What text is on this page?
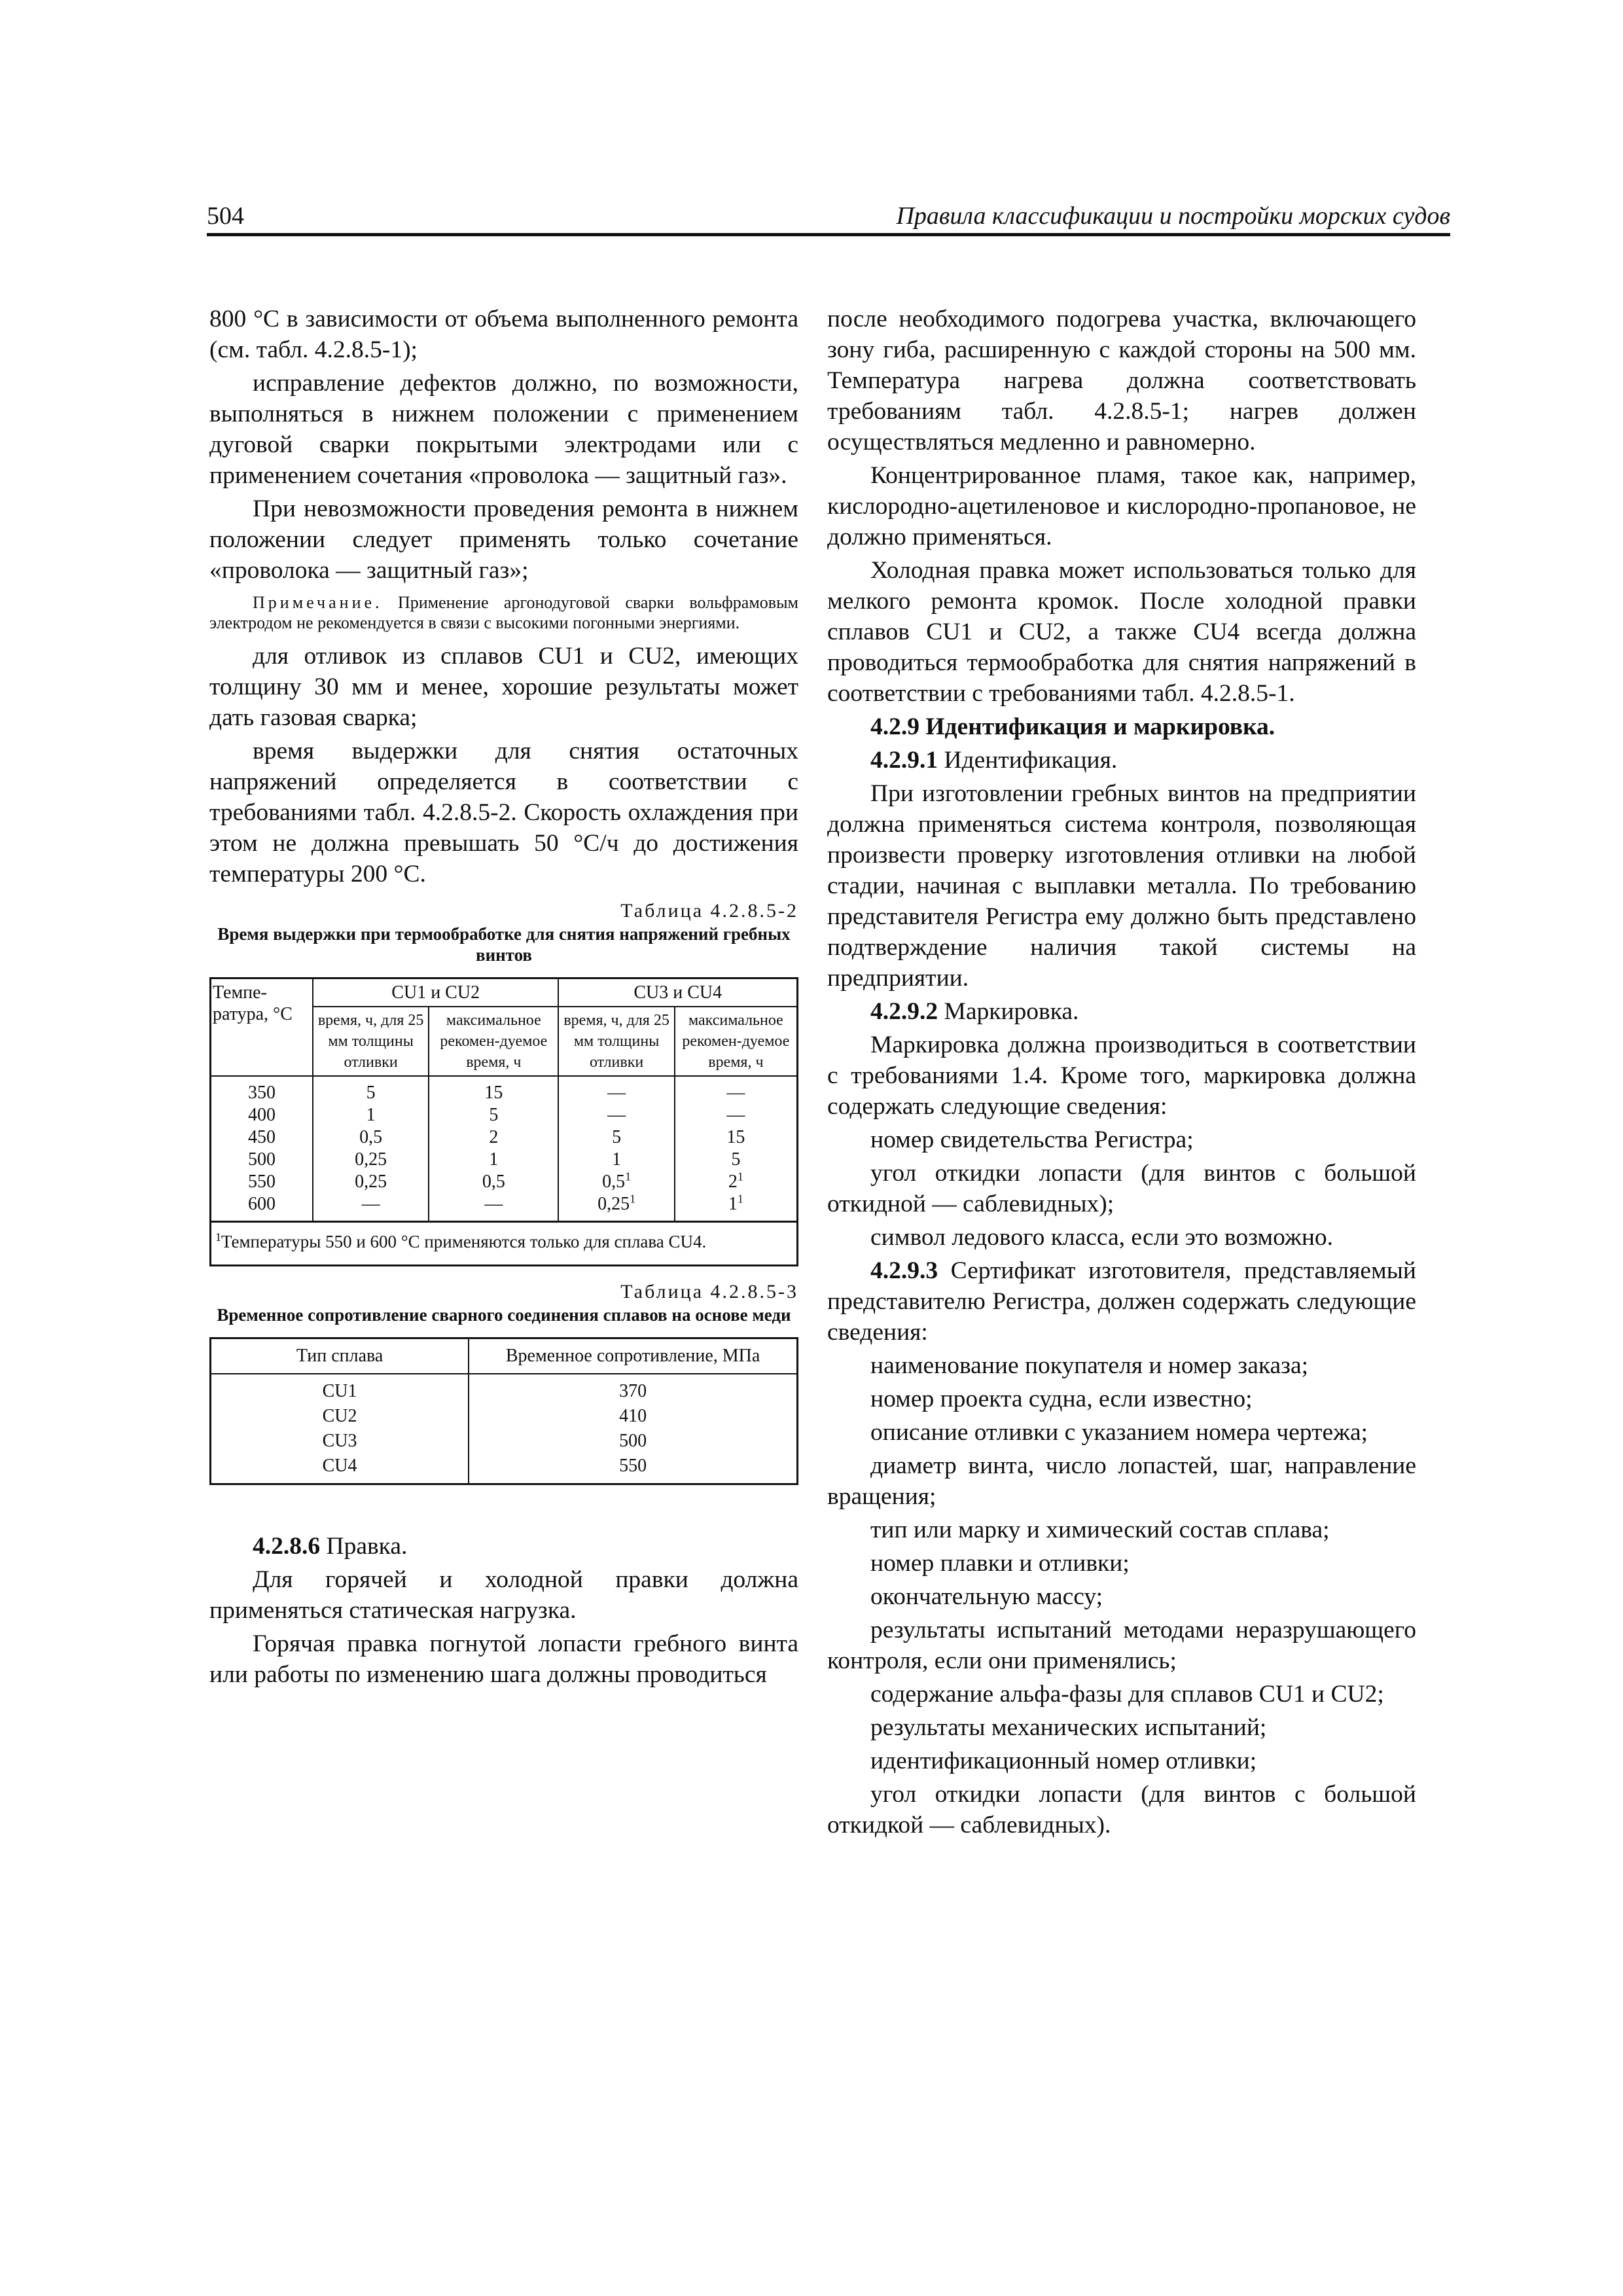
504	Правила классификации и постройки морских судов

800 °С в зависимости от объема выполненного ремонта (см. табл. 4.2.8.5-1);

исправление дефектов должно, по возможности, выполняться в нижнем положении с применением дуговой сварки покрытыми электродами или с применением сочетания «проволока — защитный газ».

При невозможности проведения ремонта в нижнем положении следует применять только сочетание «проволока — защитный газ»;

Примечание. Применение аргонодуговой сварки вольфрамовым электродом не рекомендуется в связи с высокими погонными энергиями.

для отливок из сплавов CU1 и CU2, имеющих толщину 30 мм и менее, хорошие результаты может дать газовая сварка;

время выдержки для снятия остаточных напряжений определяется в соответствии с требованиями табл. 4.2.8.5-2. Скорость охлаждения при этом не должна превышать 50 °С/ч до достижения температуры 200 °С.

Таблица 4.2.8.5-2
Время выдержки при термообработке для снятия напряжений гребных винтов
Темпе-ратура, °С	CU1 и CU2		CU3 и CU4	
	время, ч, для 25 мм толщины отливки	максимальное рекомен-дуемое время, ч	время, ч, для 25 мм толщины отливки	максимальное рекомен-дуемое время, ч
350	5	15	—	—
400	1	5	—	—
450	0,5	2	5	15
500	0,25	1	1	5
550	0,25	0,5	$0,5^1$	$2^1$
600	—	—	0,25$^1$	$1^1$
$^1$Температуры 550 и 600 °С применяются только для сплава CU4.				
Таблица 4.2.8.5-3
Временное сопротивление сварного соединения сплавов на основе меди
Тип сплава	Временное сопротивление, МПа
CU1	370
CU2	410
CU3	500
CU4	550

4.2.8.6 Правка.

Для горячей и холодной правки должна применяться статическая нагрузка.

Горячая правка погнутой лопасти гребного винта или работы по изменению шага должны проводиться

после необходимого подогрева участка, включающего зону гиба, расширенную с каждой стороны на 500 мм. Температура нагрева должна соответствовать требованиям табл. 4.2.8.5-1; нагрев должен осуществляться медленно и равномерно.

Концентрированное пламя, такое как, например, кислородно-ацетиленовое и кислородно-пропановое, не должно применяться.

Холодная правка может использоваться только для мелкого ремонта кромок. После холодной правки сплавов CU1 и CU2, а также CU4 всегда должна проводиться термообработка для снятия напряжений в соответствии с требованиями табл. 4.2.8.5-1.

4.2.9 Идентификация и маркировка.

4.2.9.1 Идентификация.

При изготовлении гребных винтов на предприятии должна применяться система контроля, позволяющая произвести проверку изготовления отливки на любой стадии, начиная с выплавки металла. По требованию представителя Регистра ему должно быть представлено подтверждение наличия такой системы на предприятии.

4.2.9.2 Маркировка.

Маркировка должна производиться в соответствии с требованиями 1.4. Кроме того, маркировка должна содержать следующие сведения:

номер свидетельства Регистра;

угол откидки лопасти (для винтов с большой откидной — саблевидных);

символ ледового класса, если это возможно.

4.2.9.3 Сертификат изготовителя, представляемый представителю Регистра, должен содержать следующие сведения:

наименование покупателя и номер заказа;

номер проекта судна, если известно;

описание отливки с указанием номера чертежа;

диаметр винта, число лопастей, шаг, направление вращения;

тип или марку и химический состав сплава;

номер плавки и отливки;

окончательную массу;

результаты испытаний методами неразрушающего контроля, если они применялись;

содержание альфа-фазы для сплавов CU1 и CU2;

результаты механических испытаний;

идентификационный номер отливки;

угол откидки лопасти (для винтов с большой откидкой — саблевидных).
